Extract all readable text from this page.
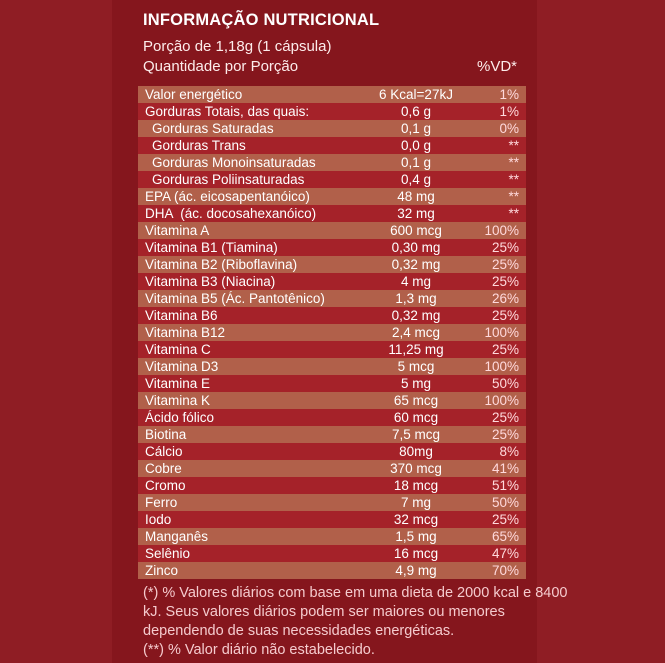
INFORMAÇÃO NUTRICIONAL
Porção de 1,18g (1 cápsula)
Quantidade por Porção	%VD*
Valor energético	6 Kcal=27kJ	1%
Gorduras Totais, das quais:	0,6 g	1%
Gorduras Saturadas	0,1 g	0%
Gorduras Trans	0,0 g	**
Gorduras Monoinsaturadas	0,1 g	**
Gorduras Poliinsaturadas	0,4 g	**
EPA (ác. eicosapentanóico)	48 mg	**
DHA  (ác. docosahexanóico)	32 mg	**
Vitamina A	600 mcg	100%
Vitamina B1 (Tiamina)	0,30 mg	25%
Vitamina B2 (Riboflavina)	0,32 mg	25%
Vitamina B3 (Niacina)	4 mg	25%
Vitamina B5 (Ác. Pantotênico)	1,3 mg	26%
Vitamina B6	0,32 mg	25%
Vitamina B12	2,4 mcg	100%
Vitamina C	11,25 mg	25%
Vitamina D3	5 mcg	100%
Vitamina E	5 mg	50%
Vitamina K	65 mcg	100%
Ácido fólico	60 mcg	25%
Biotina	7,5 mcg	25%
Cálcio	80mg	8%
Cobre	370 mcg	41%
Cromo	18 mcg	51%
Ferro	7 mg	50%
Iodo	32 mcg	25%
Manganês	1,5 mg	65%
Selênio	16 mcg	47%
Zinco	4,9 mg	70%
(*) % Valores diários com base em uma dieta de 2000 kcal e 8400
kJ. Seus valores diários podem ser maiores ou menores
dependendo de suas necessidades energéticas.
(**) % Valor diário não estabelecido.
